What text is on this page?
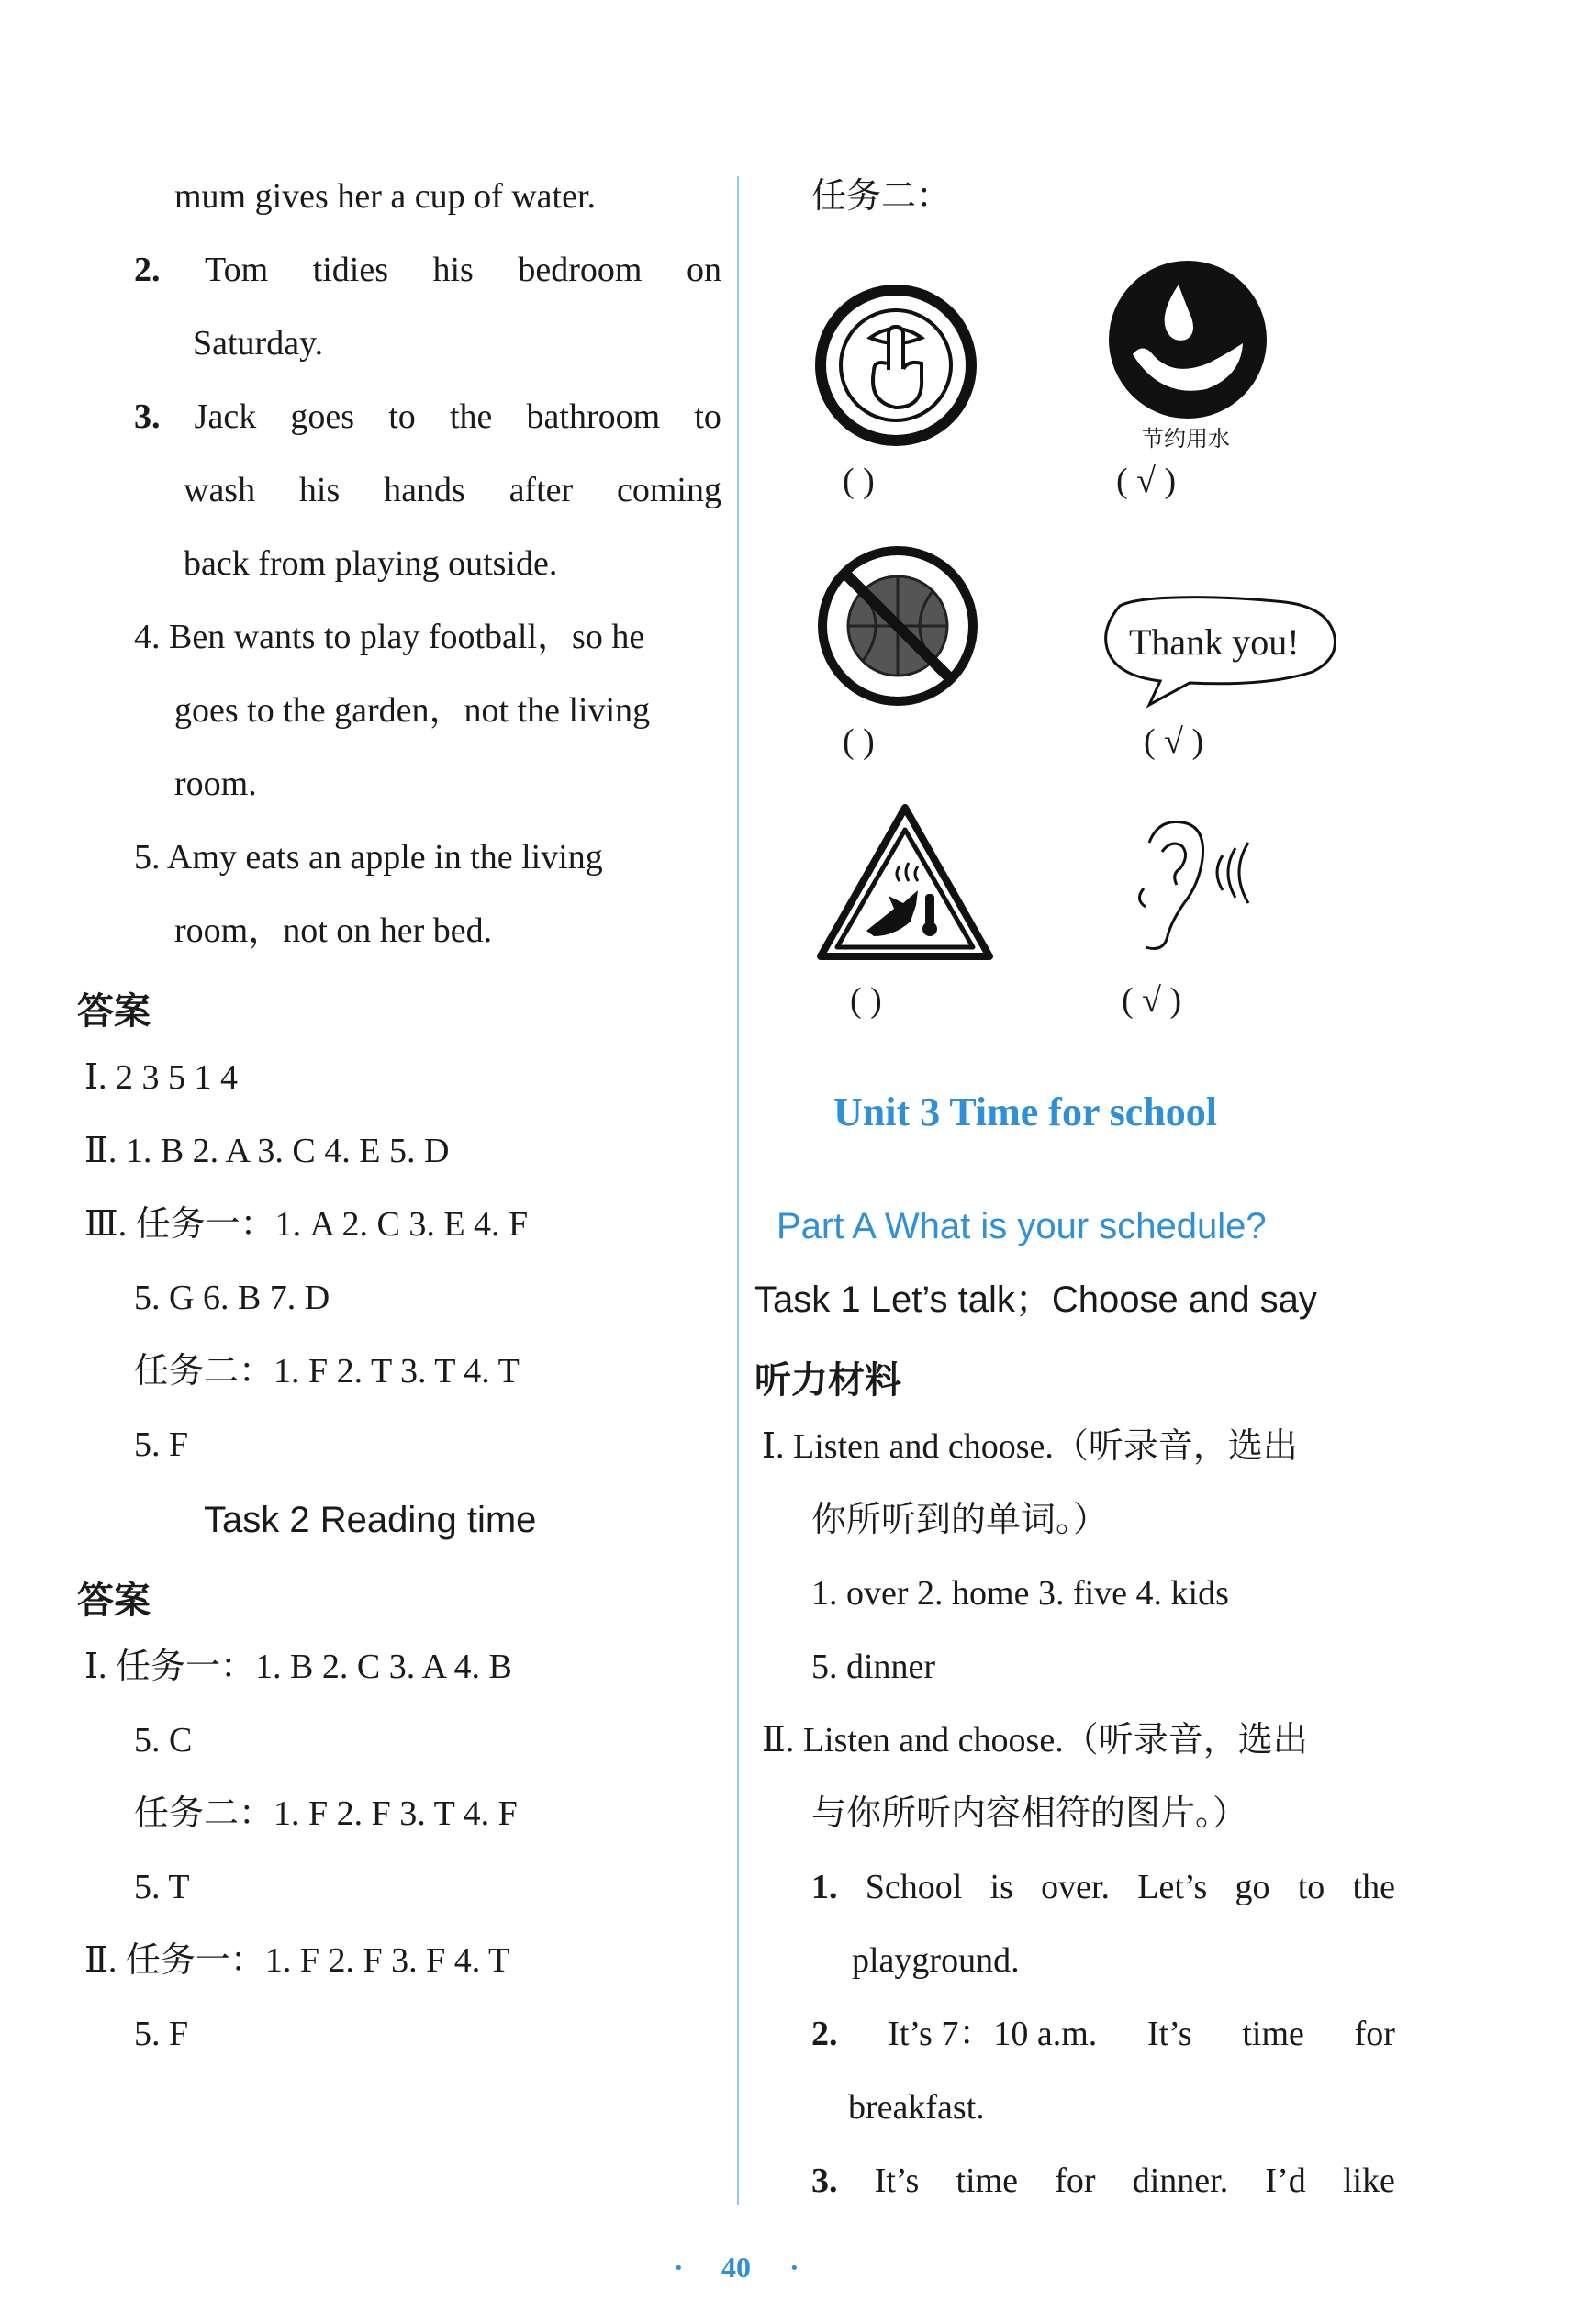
mum gives her a cup of water.
2. Tom tidies his bedroom on
Saturday.
3. Jack goes to the bathroom to
wash his hands after coming
back from playing outside.
4. Ben wants to play football，so he
goes to the garden，not the living
room.
5. Amy eats an apple in the living
room，not on her bed.
答案
Ⅰ. 2 3 5 1 4
Ⅱ. 1. B 2. A 3. C 4. E 5. D
Ⅲ. 任务一：1. A 2. C 3. E 4. F
5. G 6. B 7. D
任务二：1. F 2. T 3. T 4. T
5. F
Task 2 Reading time
答案
Ⅰ. 任务一：1. B 2. C 3. A 4. B
5. C
任务二：1. F 2. F 3. T 4. F
5. T
Ⅱ. 任务一：1. F 2. F 3. F 4. T
5. F
任务二：
节约用水
( )	( √ )
Thank you!
( )	( √ )
( )	( √ )
Unit 3 Time for school
Part A What is your schedule?
Task 1 Let’s talk；Choose and say
听力材料
Ⅰ. Listen and choose.（听录音，选出
你所听到的单词。）
1. over 2. home 3. five 4. kids
5. dinner
Ⅱ. Listen and choose.（听录音，选出
与你所听内容相符的图片。）
1. School is over. Let’s go to the
playground.
2. It’s 7：10 a.m. It’s time for
breakfast.
3. It’s time for dinner. I’d like
· 40 ·
